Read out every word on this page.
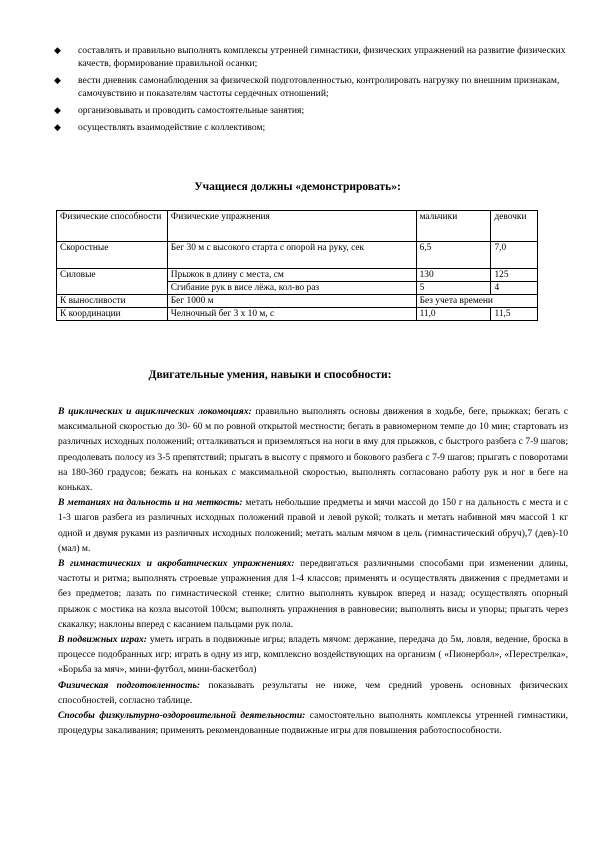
◆ составлять и правильно выполнять комплексы утренней гимнастики, физических упражнений на развитие физических качеств, формирование правильной осанки;
◆ вести дневник самонаблюдения за физической подготовленностью, контролировать нагрузку по внешним признакам, самочувствию и показателям частоты сердечных отношений;
◆ организовывать и проводить самостоятельные занятия;
◆ осуществлять взаимодействие с коллективом;
Учащиеся должны «демонстрировать»:
Физические способности	Физические упражнения	мальчики	девочки
Скоростные	Бег 30 м с высокого старта с опорой на руку, сек	6,5	7,0
Силовые	Прыжок в длину с места, см	130	125
	Сгибание рук в висе лёжа, кол-во раз	5	4
К выносливости	Бег 1000 м	Без учета времени	
К координации	Челночный бег 3 х 10 м, с	11,0	11,5
Двигательные умения, навыки и способности:

В циклических и ациклических локомоциях: правильно выполнять основы движения в ходьбе, беге, прыжках; бегать с максимальной скоростью до 30- 60 м по ровной открытой местности; бегать в равномерном темпе до 10 мин; стартовать из различных исходных положений; отталкиваться и приземляться на ноги в яму для прыжков, с быстрого разбега с 7-9 шагов; преодолевать полосу из 3-5 препятствий; прыгать в высоту с прямого и бокового разбега с 7-9 шагов; прыгать с поворотами на 180-360 градусов; бежать на коньках с максимальной скоростью, выполнять согласовано работу рук и ног в беге на коньках.

В метаниях на дальность и на меткость: метать небольшие предметы и мячи массой до 150 г на дальность с места и с 1-3 шагов разбега из различных исходных положений правой и левой рукой; толкать и метать набивной мяч массой 1 кг одной и двумя руками из различных исходных положений; метать малым мячом в цель (гимнастический обруч),7 (дев)-10 (мал) м.

В гимнастических и акробатических упражнениях: передвигаться различными способами при изменении длины, частоты и ритма; выполнять строевые упражнения для 1-4 классов; применять и осуществлять движения с предметами и без предметов; лазать по гимнастической стенке; слитно выполнять кувырок вперед и назад; осуществлять опорный прыжок с мостика на козла высотой 100см; выполнять упражнения в равновесии; выполнять висы и упоры; прыгать через скакалку; наклоны вперед с касанием пальцами рук пола.

В подвижных играх: уметь играть в подвижные игры; владеть мячом: держание, передача до 5м, ловля, ведение, броска в процессе подобранных игр; играть в одну из игр, комплексно воздействующих на организм ( «Пионербол», «Перестрелка», «Борьба за мяч», мини-футбол, мини-баскетбол)

Физическая подготовленность: показывать результаты не ниже, чем средний уровень основных физических способностей, согласно таблице.

Способы физкультурно-оздоровительной деятельности: самостоятельно выполнять комплексы утренней гимнастики, процедуры закаливания; применять рекомендованные подвижные игры для повышения работоспособности.
